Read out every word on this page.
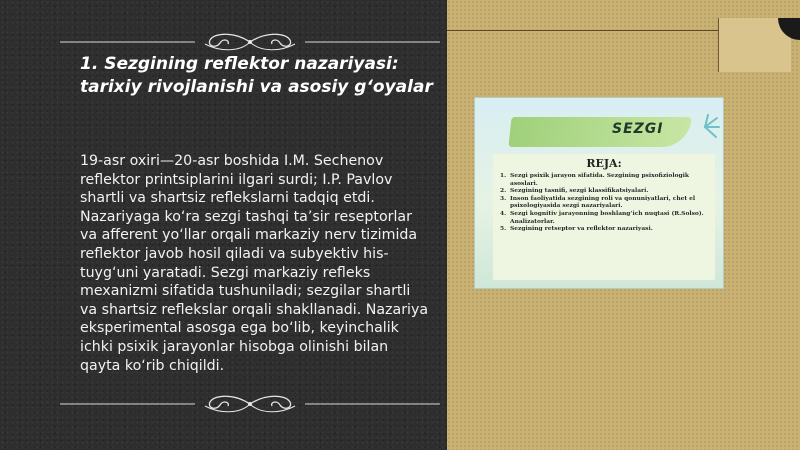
1. Sezgining reflektor nazariyasi:
tarixiy rivojlanishi va asosiy g‘oyalar
19-asr oxiri—20-asr boshida I.M. Sechenov reflektor printsiplarini ilgari surdi; I.P. Pavlov shartli va shartsiz reflekslarni tadqiq etdi. Nazariyaga ko‘ra sezgi tashqi ta’sir reseptorlar va afferent yo‘llar orqali markaziy nerv tizimida reflektor javob hosil qiladi va subyektiv his-tuyg‘uni yaratadi. Sezgi markaziy refleks mexanizmi sifatida tushuniladi; sezgilar shartli va shartsiz reflekslar orqali shakllanadi. Nazariya eksperimental asosga ega bo‘lib, keyinchalik ichki psixik jarayonlar hisobga olinishi bilan qayta ko‘rib chiqildi.
SEZGI
REJA:
1. Sezgi psixik jarayon sifatida. Sezgining psixofiziologik asoslari.
2. Sezgining tasnifi, sezgi klassifikatsiyalari.
3. Inson faoliyatida sezgining roli va qonuniyatlari, chet el psixologiyasida sezgi nazariyalari.
4. Sezgi kognitiv jarayonning boshlang‘ich nuqtasi (R.Solso). Analizatorlar.
5. Sezgining retseptor va reflektor nazariyasi.
